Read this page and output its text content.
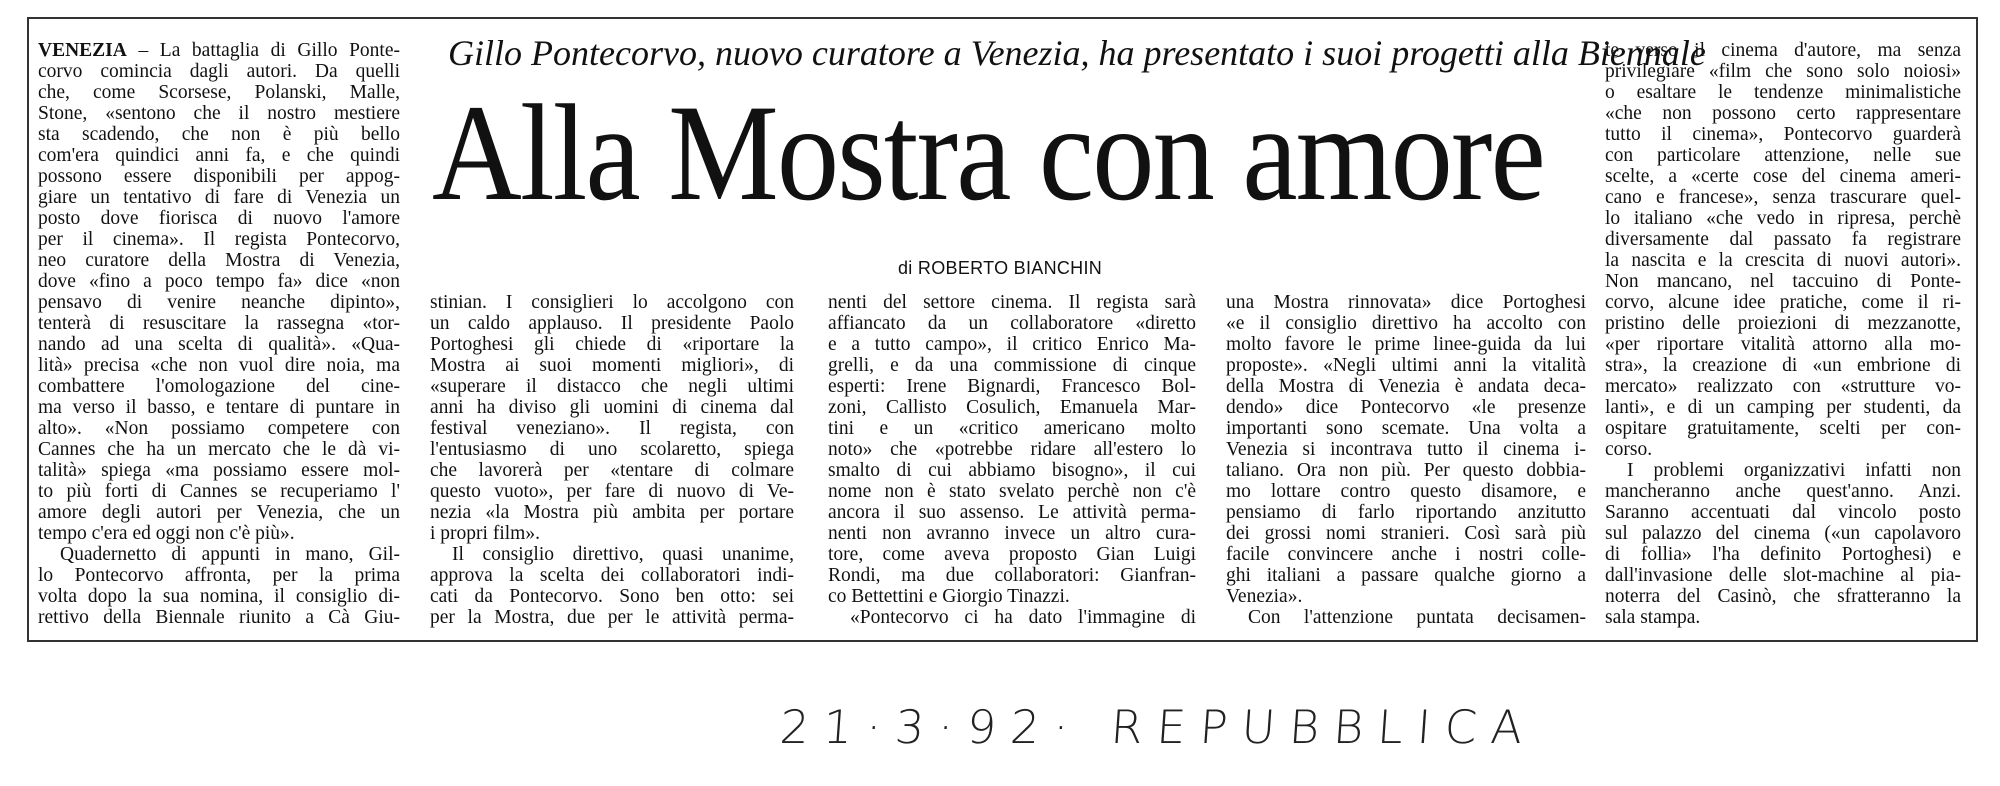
Gillo Pontecorvo, nuovo curatore a Venezia, ha presentato i suoi progetti alla Biennale
Alla Mostra con amore
di ROBERTO BIANCHIN
VENEZIA – La battaglia di Gillo Ponte-
corvo comincia dagli autori. Da quelli
che, come Scorsese, Polanski, Malle,
Stone, «sentono che il nostro mestiere
sta scadendo, che non è più bello
com'era quindici anni fa, e che quindi
possono essere disponibili per appog-
giare un tentativo di fare di Venezia un
posto dove fiorisca di nuovo l'amore
per il cinema». Il regista Pontecorvo,
neo curatore della Mostra di Venezia,
dove «fino a poco tempo fa» dice «non
pensavo di venire neanche dipinto»,
tenterà di resuscitare la rassegna «tor-
nando ad una scelta di qualità». «Qua-
lità» precisa «che non vuol dire noia, ma
combattere l'omologazione del cine-
ma verso il basso, e tentare di puntare in
alto». «Non possiamo competere con
Cannes che ha un mercato che le dà vi-
talità» spiega «ma possiamo essere mol-
to più forti di Cannes se recuperiamo l'
amore degli autori per Venezia, che un
tempo c'era ed oggi non c'è più».
Quadernetto di appunti in mano, Gil-
lo Pontecorvo affronta, per la prima
volta dopo la sua nomina, il consiglio di-
rettivo della Biennale riunito a Cà Giu-
stinian. I consiglieri lo accolgono con
un caldo applauso. Il presidente Paolo
Portoghesi gli chiede di «riportare la
Mostra ai suoi momenti migliori», di
«superare il distacco che negli ultimi
anni ha diviso gli uomini di cinema dal
festival veneziano». Il regista, con
l'entusiasmo di uno scolaretto, spiega
che lavorerà per «tentare di colmare
questo vuoto», per fare di nuovo di Ve-
nezia «la Mostra più ambita per portare
i propri film».
Il consiglio direttivo, quasi unanime,
approva la scelta dei collaboratori indi-
cati da Pontecorvo. Sono ben otto: sei
per la Mostra, due per le attività perma-
nenti del settore cinema. Il regista sarà
affiancato da un collaboratore «diretto
e a tutto campo», il critico Enrico Ma-
grelli, e da una commissione di cinque
esperti: Irene Bignardi, Francesco Bol-
zoni, Callisto Cosulich, Emanuela Mar-
tini e un «critico americano molto
noto» che «potrebbe ridare all'estero lo
smalto di cui abbiamo bisogno», il cui
nome non è stato svelato perchè non c'è
ancora il suo assenso. Le attività perma-
nenti non avranno invece un altro cura-
tore, come aveva proposto Gian Luigi
Rondi, ma due collaboratori: Gianfran-
co Bettettini e Giorgio Tinazzi.
«Pontecorvo ci ha dato l'immagine di
una Mostra rinnovata» dice Portoghesi
«e il consiglio direttivo ha accolto con
molto favore le prime linee-guida da lui
proposte». «Negli ultimi anni la vitalità
della Mostra di Venezia è andata deca-
dendo» dice Pontecorvo «le presenze
importanti sono scemate. Una volta a
Venezia si incontrava tutto il cinema i-
taliano. Ora non più. Per questo dobbia-
mo lottare contro questo disamore, e
pensiamo di farlo riportando anzitutto
dei grossi nomi stranieri. Così sarà più
facile convincere anche i nostri colle-
ghi italiani a passare qualche giorno a
Venezia».
Con l'attenzione puntata decisamen-
te verso il cinema d'autore, ma senza
privilegiare «film che sono solo noiosi»
o esaltare le tendenze minimalistiche
«che non possono certo rappresentare
tutto il cinema», Pontecorvo guarderà
con particolare attenzione, nelle sue
scelte, a «certe cose del cinema ameri-
cano e francese», senza trascurare quel-
lo italiano «che vedo in ripresa, perchè
diversamente dal passato fa registrare
la nascita e la crescita di nuovi autori».
Non mancano, nel taccuino di Ponte-
corvo, alcune idee pratiche, come il ri-
pristino delle proiezioni di mezzanotte,
«per riportare vitalità attorno alla mo-
stra», la creazione di «un embrione di
mercato» realizzato con «strutture vo-
lanti», e di un camping per studenti, da
ospitare gratuitamente, scelti per con-
corso.
I problemi organizzativi infatti non
mancheranno anche quest'anno. Anzi.
Saranno accentuati dal vincolo posto
sul palazzo del cinema («un capolavoro
di follia» l'ha definito Portoghesi) e
dall'invasione delle slot-machine al pia-
noterra del Casinò, che sfratteranno la
sala stampa.
21·3·92· REPUBBLICA
